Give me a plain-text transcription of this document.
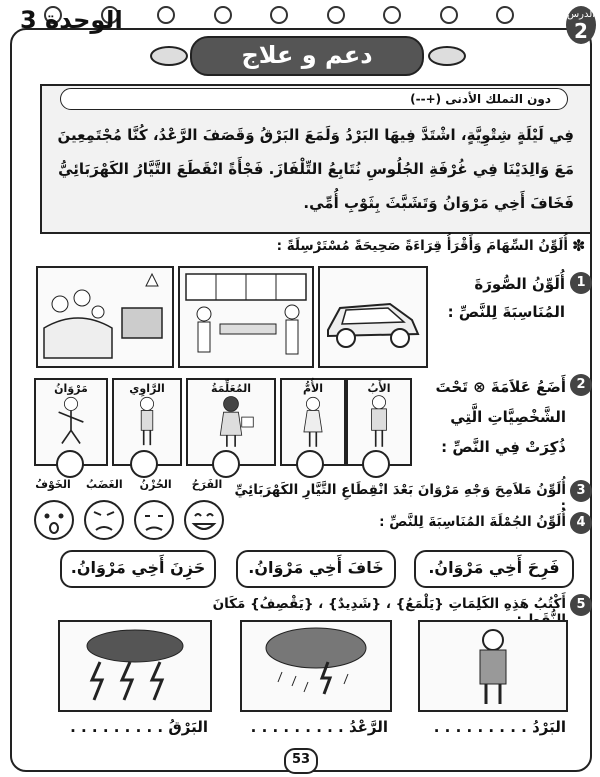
الوحدة 3	الدرس
2
دعم و علاج
دون التملك الأدنى (+--)
فِي لَيْلَةٍ شِتْوِيَّةٍ، اشْتَدَّ فِيهَا البَرْدُ وَلَمَعَ البَرْقُ وَقَصَفَ الرَّعْدُ، كُنَّا مُجْتَمِعِينَ
مَعَ وَالِدَيْنَا فِي غُرْفَةِ الجُلُوسِ نُتَابِعُ التِّلْفَازَ. فَجْأَةً انْقَطَعَ التَّيَّارُ الكَهْرَبَائِيُّ
فَخَافَ أَخِي مَرْوَانُ وَتَشَبَّثَ بِثَوْبِ أُمِّي.
أُلَوِّنُ السِّهَامَ وَأَقْرَأُ قِرَاءَةً صَحِيحَةً مُسْتَرْسِلَةً : ✽
1
أُلَوِّنُ الصُّورَةَ
المُنَاسِبَةَ لِلنَّصِّ :
2
أَضَعُ عَلاَمَةَ ⊗ تَحْتَ
الشَّخْصِيَّاتِ الَّتِي
ذُكِرَتْ فِي النَّصِّ :
مَرْوَانُ	الرَّاوِي	المُعَلِّمَةُ	الأُمُّ	الأَبُ
3
أُلَوِّنُ مَلاَمِحَ وَجْهِ مَرْوَانَ بَعْدَ انْقِطَاعِ التَّيَّارِ الكَهْرَبَائِيِّ :
الفَرَحُ
الحُزْنُ
الغَضَبُ
الخَوْفُ
4
أُلَوِّنُ الجُمْلَةَ المُنَاسِبَةَ لِلنَّصِّ :
حَزِنَ أَخِي مَرْوَانُ.	خَافَ أَخِي مَرْوَانُ.	فَرِحَ أَخِي مَرْوَانُ.
5
أَكْتُبُ هَذِهِ الكَلِمَاتِ {يَلْمَعُ} ، {شَدِيدٌ} ، {يَقْصِفُ} مَكَانَ
البَرْقُ . . . . . . . . .	الرَّعْدُ . . . . . . . . .	البَرْدُ . . . . . . . . .
53
